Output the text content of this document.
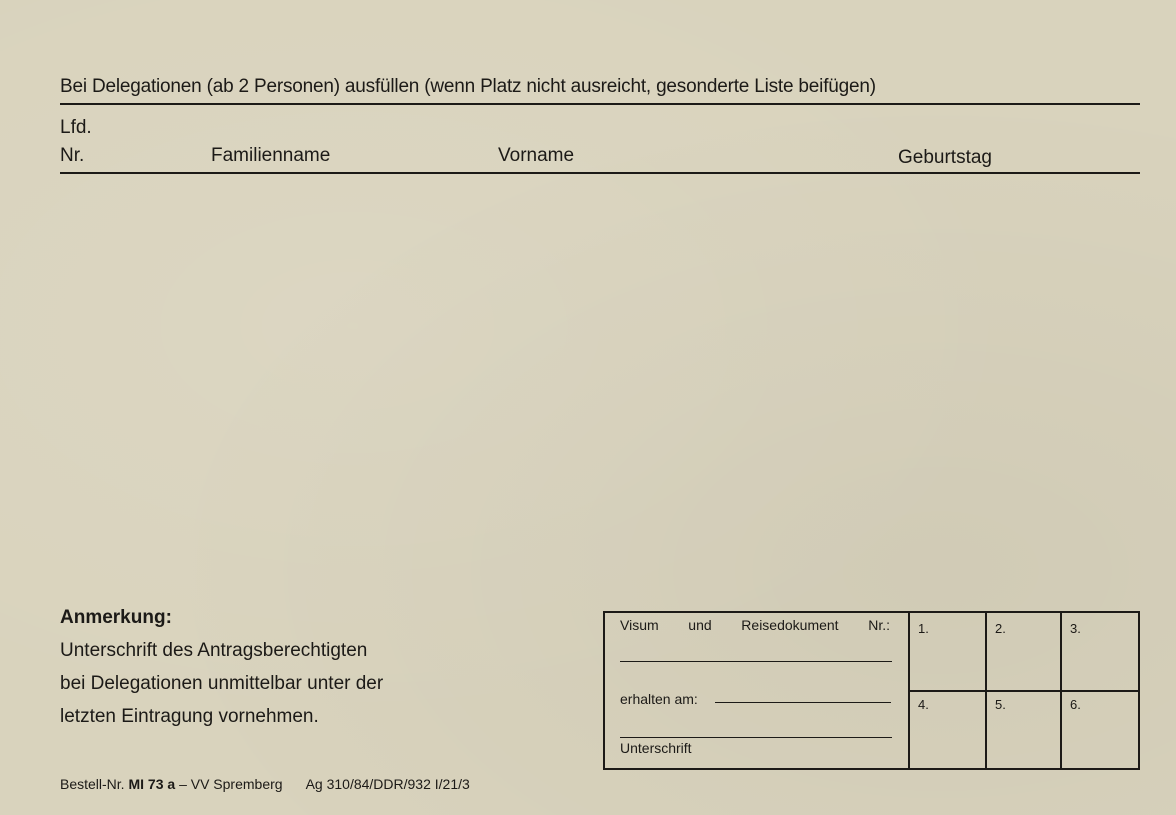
Bei Delegationen (ab 2 Personen) ausfüllen (wenn Platz nicht ausreicht, gesonderte Liste beifügen)
Lfd.
Nr.	Familienname	Vorname	Geburtstag
Anmerkung:
Unterschrift des Antragsberechtigten
bei Delegationen unmittelbar unter der
letzten Eintragung vornehmen.
Visum und Reisedokument Nr.:
erhalten am:
Unterschrift
1.	2.	3.
4.	5.	6.
Bestell-Nr. MI 73 a – VV Spremberg Ag 310/84/DDR/932 I/21/3
